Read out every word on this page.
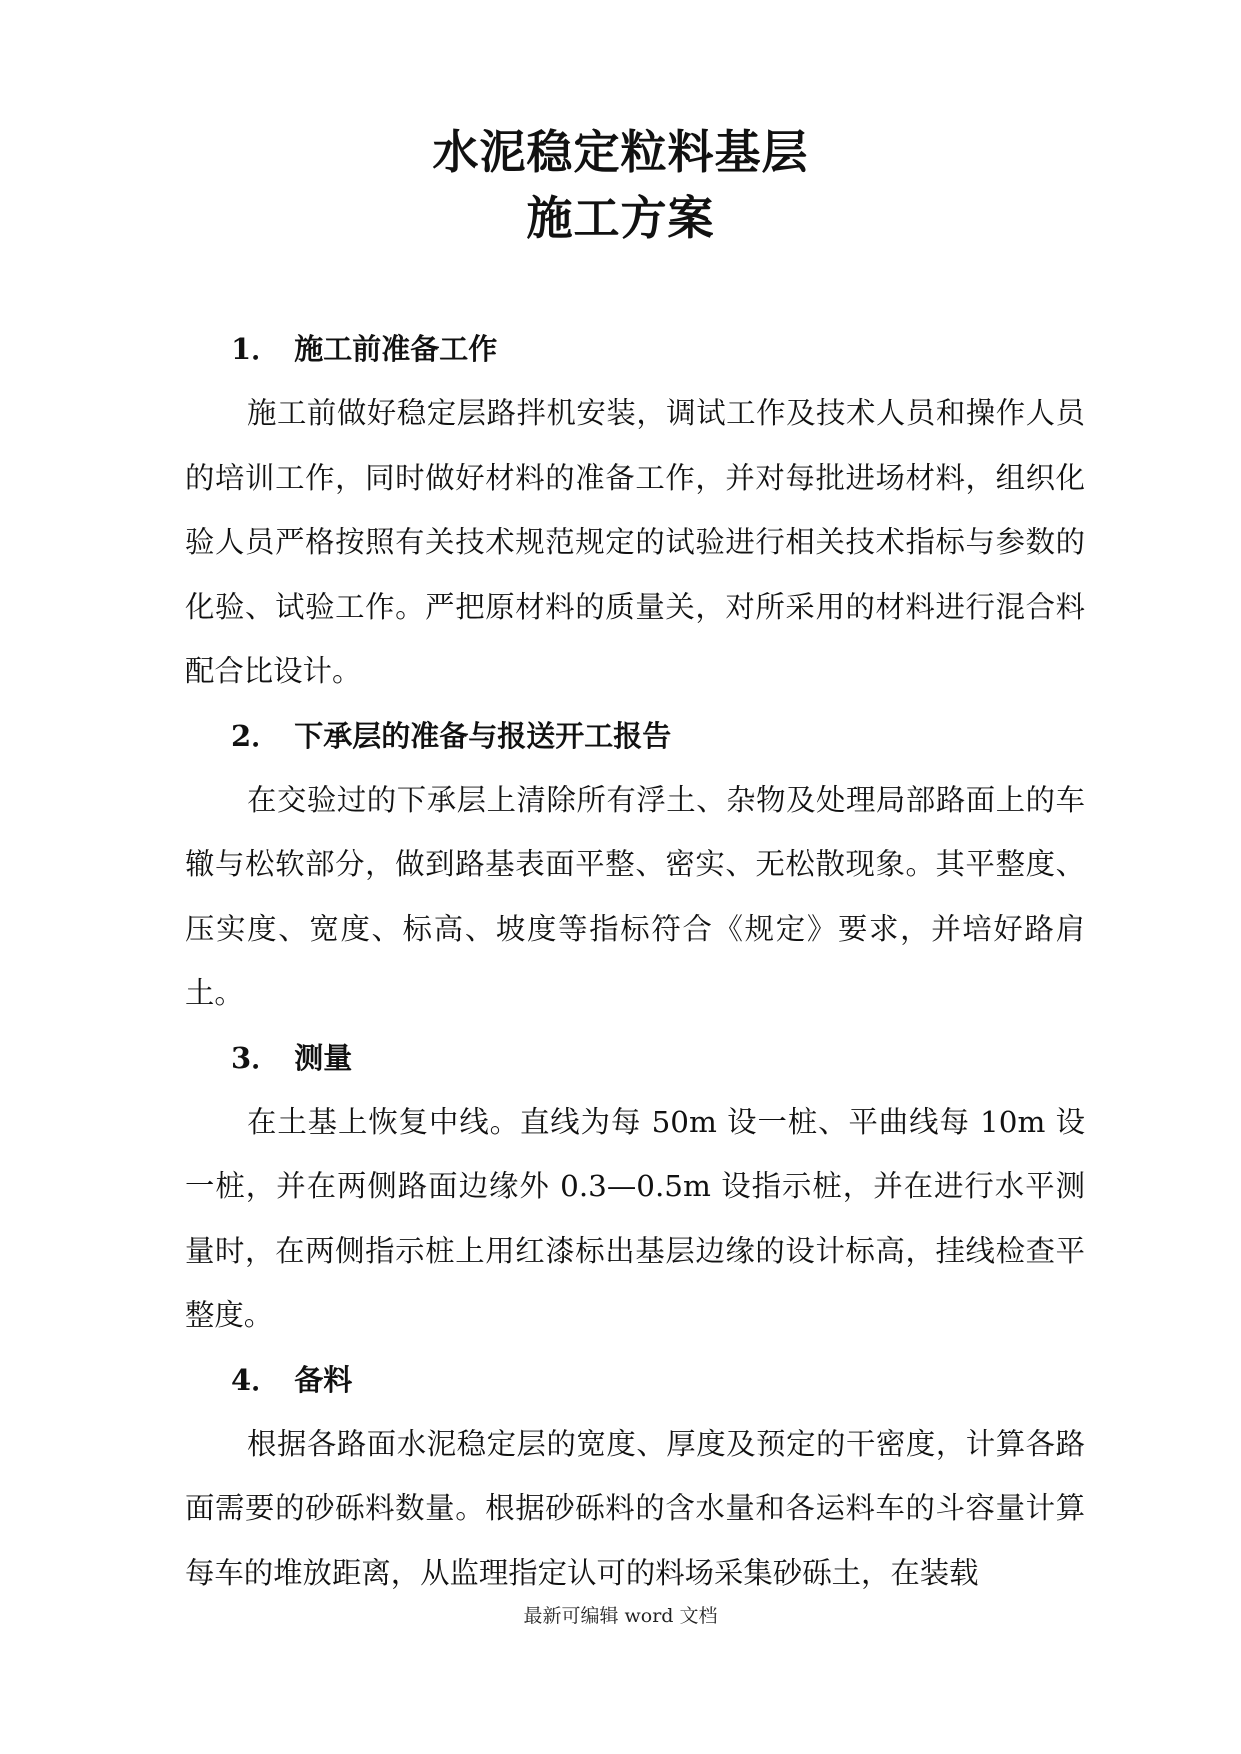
水泥稳定粒料基层
施工方案
1． 施工前准备工作

施工前做好稳定层路拌机安装，调试工作及技术人员和操作人员的培训工作，同时做好材料的准备工作，并对每批进场材料，组织化验人员严格按照有关技术规范规定的试验进行相关技术指标与参数的化验、试验工作。严把原材料的质量关，对所采用的材料进行混合料配合比设计。

2． 下承层的准备与报送开工报告

在交验过的下承层上清除所有浮土、杂物及处理局部路面上的车辙与松软部分，做到路基表面平整、密实、无松散现象。其平整度、压实度、宽度、标高、坡度等指标符合《规定》要求，并培好路肩土。

3． 测量

在土基上恢复中线。直线为每 50m 设一桩、平曲线每 10m 设一桩，并在两侧路面边缘外 0.3—0.5m 设指示桩，并在进行水平测量时，在两侧指示桩上用红漆标出基层边缘的设计标高，挂线检查平整度。

4． 备料

根据各路面水泥稳定层的宽度、厚度及预定的干密度，计算各路面需要的砂砾料数量。根据砂砾料的含水量和各运料车的斗容量计算每车的堆放距离，从监理指定认可的料场采集砂砾土，在装载

最新可编辑 word 文档
